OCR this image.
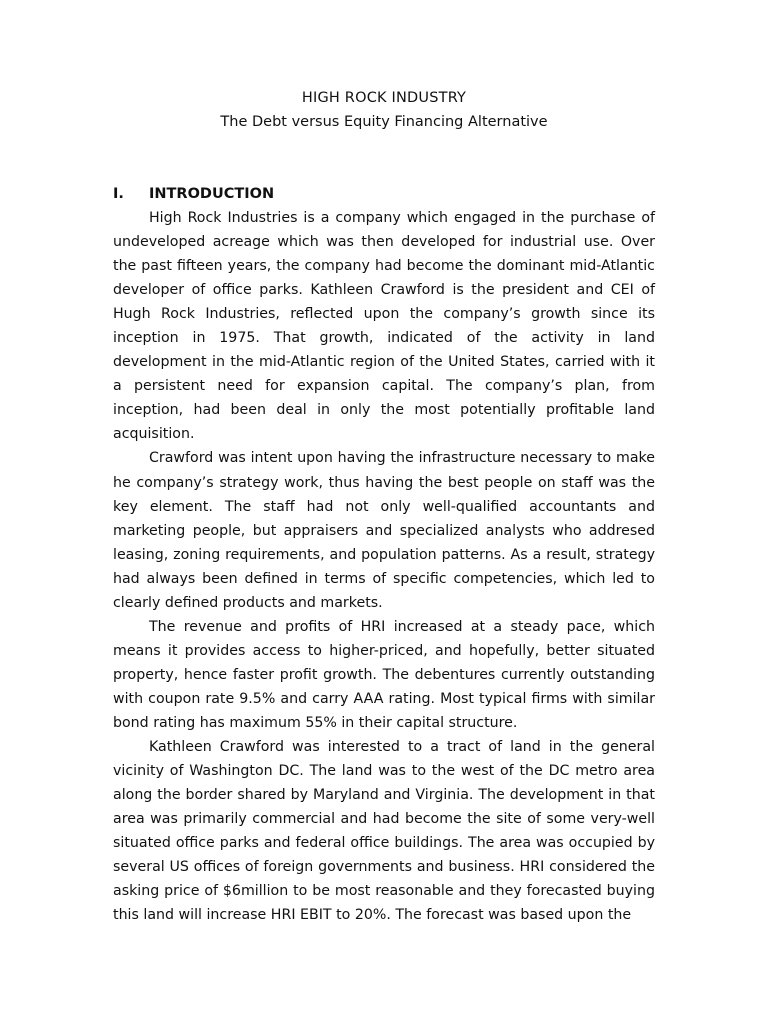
HIGH ROCK INDUSTRY
The Debt versus Equity Financing Alternative
I. INTRODUCTION

High Rock Industries is a company which engaged in the purchase of undeveloped acreage which was then developed for industrial use. Over the past fifteen years, the company had become the dominant mid-Atlantic developer of office parks. Kathleen Crawford is the president and CEI of Hugh Rock Industries, reflected upon the company’s growth since its inception in 1975. That growth, indicated of the activity in land development in the mid-Atlantic region of the United States, carried with it a persistent need for expansion capital. The company’s plan, from inception, had been deal in only the most potentially profitable land acquisition.

Crawford was intent upon having the infrastructure necessary to make he company’s strategy work, thus having the best people on staff was the key element. The staff had not only well-qualified accountants and marketing people, but appraisers and specialized analysts who addresed leasing, zoning requirements, and population patterns. As a result, strategy had always been defined in terms of specific competencies, which led to clearly defined products and markets.

The revenue and profits of HRI increased at a steady pace, which means it provides access to higher-priced, and hopefully, better situated property, hence faster profit growth. The debentures currently outstanding with coupon rate 9.5% and carry AAA rating. Most typical firms with similar bond rating has maximum 55% in their capital structure.

Kathleen Crawford was interested to a tract of land in the general vicinity of Washington DC. The land was to the west of the DC metro area along the border shared by Maryland and Virginia. The development in that area was primarily commercial and had become the site of some very-well situated office parks and federal office buildings. The area was occupied by several US offices of foreign governments and business. HRI considered the asking price of $6million to be most reasonable and they forecasted buying this land will increase HRI EBIT to 20%. The forecast was based upon the
